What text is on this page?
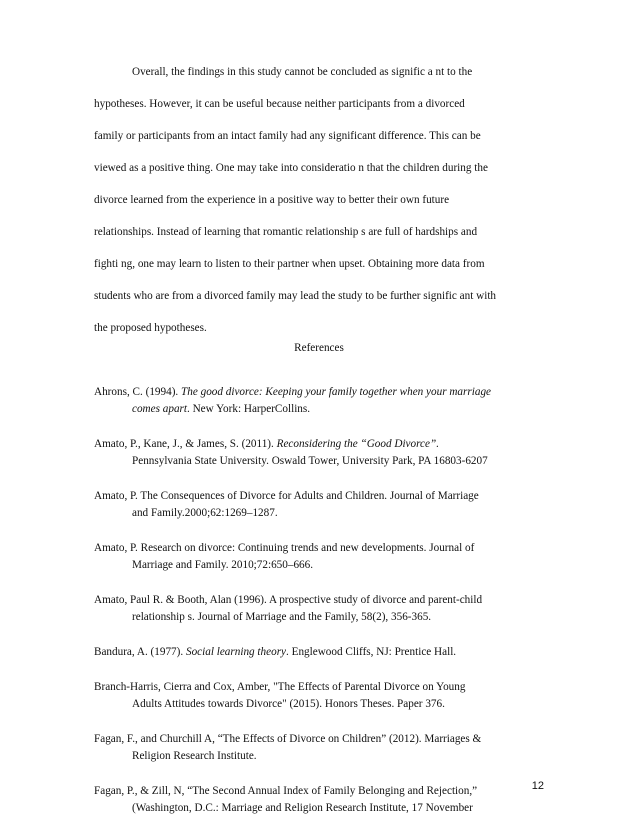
Overall, the findings in this study cannot be concluded as signific a nt to the
hypotheses. However, it can be useful because neither participants from a divorced
family or participants from an intact family had any significant difference. This can be
viewed as a positive thing. One may take into consideratio n that the children during the
divorce learned from the experience in a positive way to better their own future
relationships. Instead of learning that romantic relationship s are full of hardships and
fighti ng, one may learn to listen to their partner when upset. Obtaining more data from
students who are from a divorced family may lead the study to be further signific ant with
the proposed hypotheses.
References

Ahrons, C. (1994). The good divorce: Keeping your family together when your marriage
comes apart. New York: HarperCollins.

Amato, P., Kane, J., & James, S. (2011). Reconsidering the “Good Divorce”.
Pennsylvania State University. Oswald Tower, University Park, PA 16803-6207

Amato, P. The Consequences of Divorce for Adults and Children. Journal of Marriage
and Family.2000;62:1269–1287.

Amato, P. Research on divorce: Continuing trends and new developments. Journal of
Marriage and Family. 2010;72:650–666.

Amato, Paul R. & Booth, Alan (1996). A prospective study of divorce and parent-child
relationship s. Journal of Marriage and the Family, 58(2), 356-365.

Bandura, A. (1977). Social learning theory. Englewood Cliffs, NJ: Prentice Hall.

Branch-Harris, Cierra and Cox, Amber, "The Effects of Parental Divorce on Young
Adults Attitudes towards Divorce" (2015). Honors Theses. Paper 376.

Fagan, F., and Churchill A, “The Effects of Divorce on Children” (2012). Marriages &
Religion Research Institute.

Fagan, P., & Zill, N, “The Second Annual Index of Family Belonging and Rejection,”
(Washington, D.C.: Marriage and Religion Research Institute, 17 November

12
